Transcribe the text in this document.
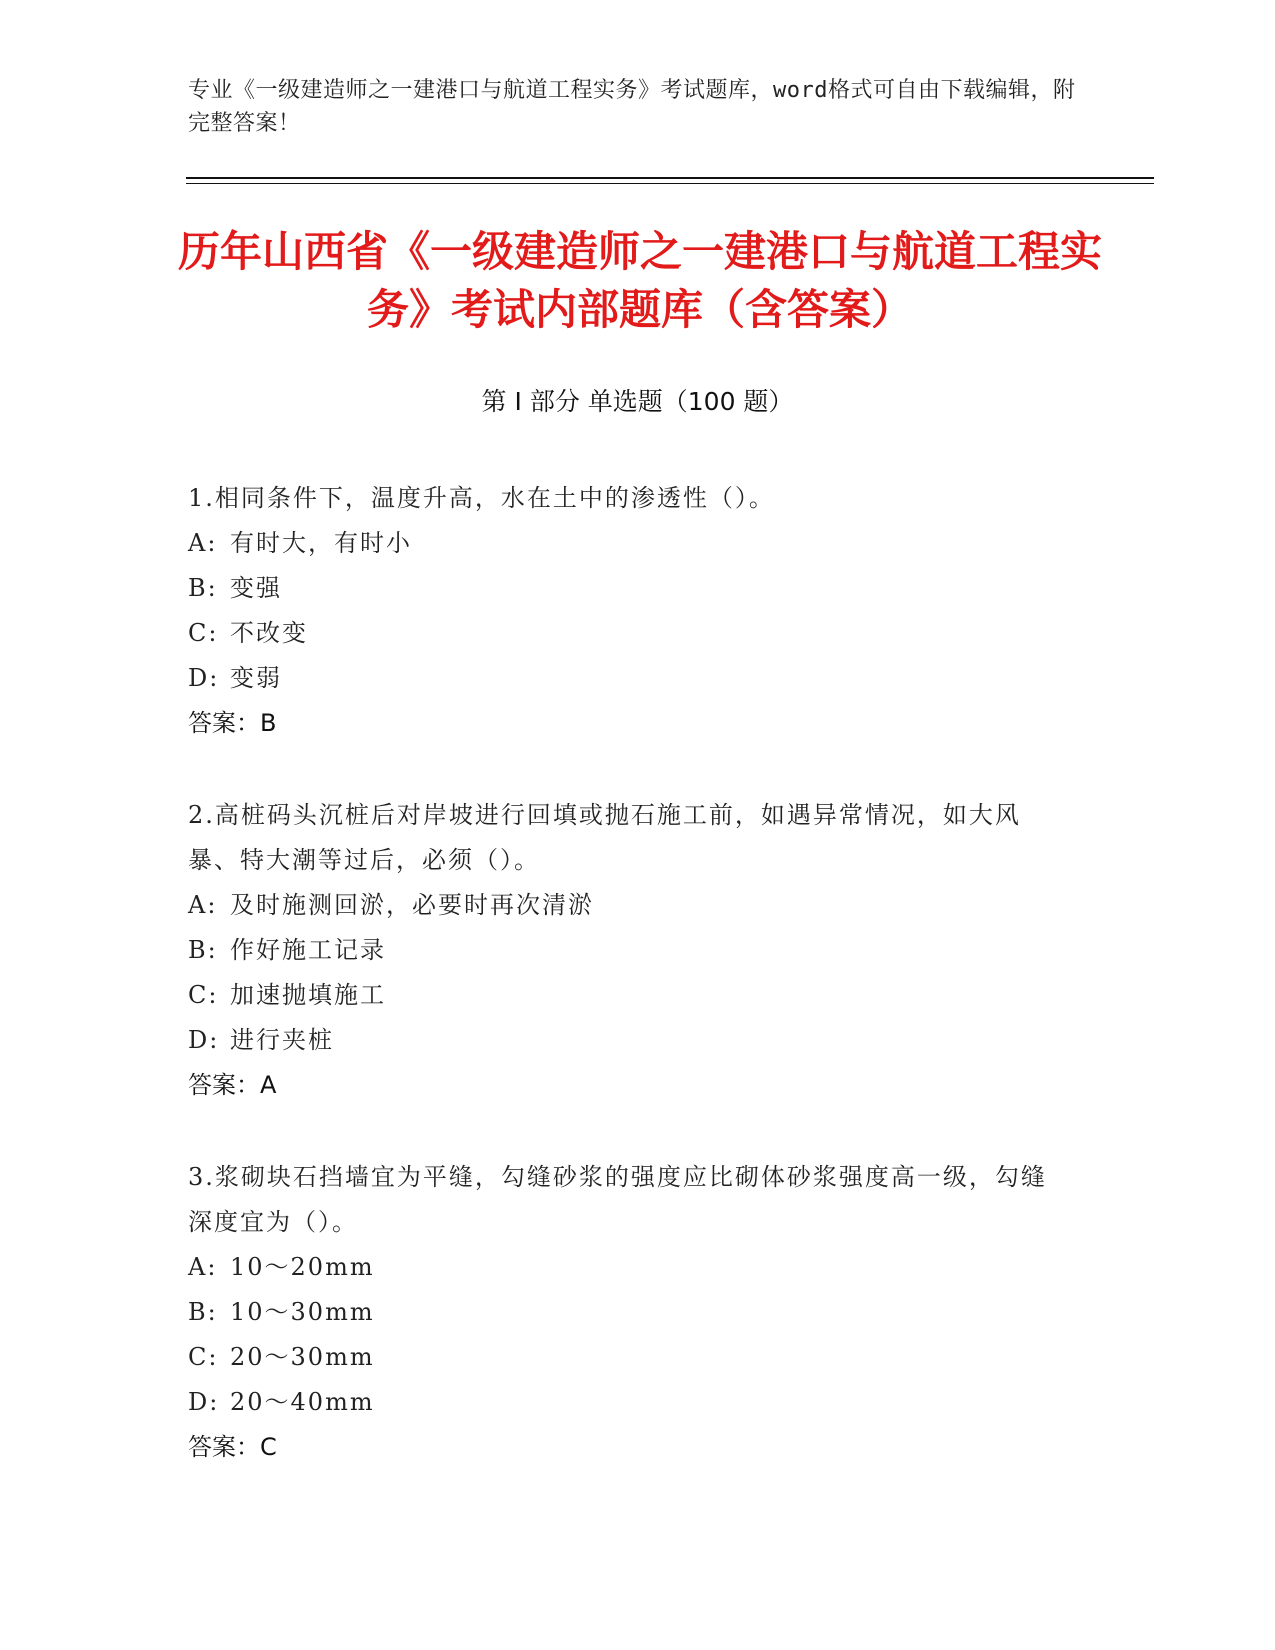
专业《一级建造师之一建港口与航道工程实务》考试题库，word格式可自由下载编辑，附完整答案！
历年山西省《一级建造师之一建港口与航道工程实务》考试内部题库（含答案）
第 I 部分 单选题（100 题）
1.相同条件下，温度升高，水在土中的渗透性（）。
A: 有时大，有时小
B: 变强
C: 不改变
D: 变弱
答案：B
2.高桩码头沉桩后对岸坡进行回填或抛石施工前，如遇异常情况，如大风暴、特大潮等过后，必须（）。
A: 及时施测回淤，必要时再次清淤
B: 作好施工记录
C: 加速抛填施工
D: 进行夹桩
答案：A
3.浆砌块石挡墙宜为平缝，勾缝砂浆的强度应比砌体砂浆强度高一级，勾缝深度宜为（）。
A: 10～20mm
B: 10～30mm
C: 20～30mm
D: 20～40mm
答案：C
